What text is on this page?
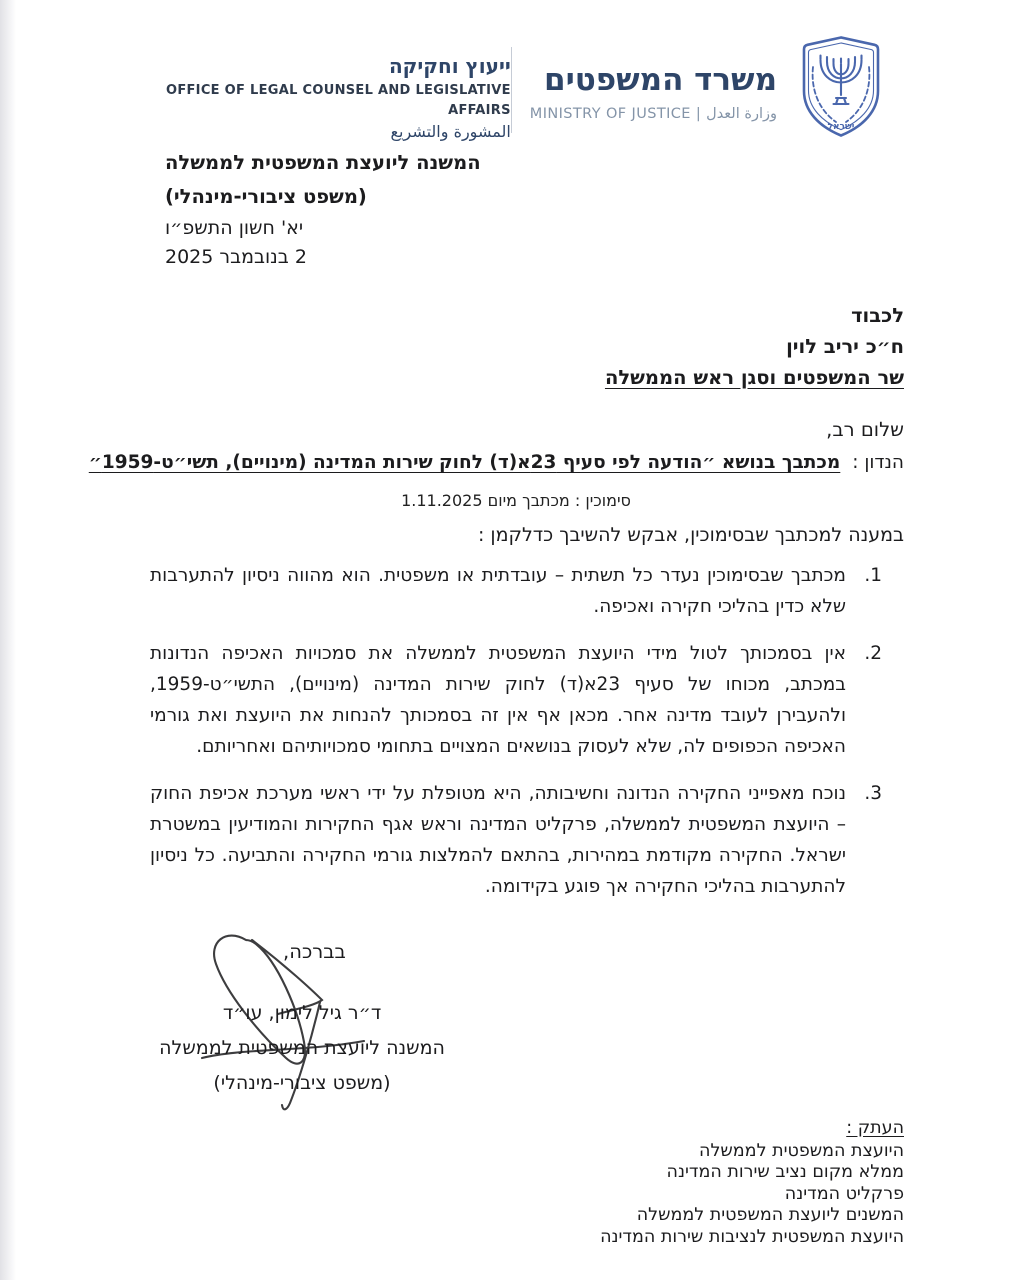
ייעוץ וחקיקה
OFFICE OF LEGAL COUNSEL AND LEGISLATIVE AFFAIRS
المشورة والتشريع
משרד המשפטים
MINISTRY OF JUSTICE | وزارة العدل
ישראל
המשנה ליועצת המשפטית לממשלה
(משפט ציבורי-מינהלי)
יא' חשון התשפ״ו
2 בנובמבר 2025
לכבוד
ח״כ יריב לוין
שר המשפטים וסגן ראש הממשלה
שלום רב,
הנדון : מכתבך בנושא ״הודעה לפי סעיף 23א(ד) לחוק שירות המדינה (מינויים), תשי״ט-1959״
סימוכין : מכתבך מיום 1.11.2025
במענה למכתבך שבסימוכין, אבקש להשיבך כדלקמן :
1.
מכתבך שבסימוכין נעדר כל תשתית – עובדתית או משפטית. הוא מהווה ניסיון להתערבות שלא כדין בהליכי חקירה ואכיפה.
2.
אין בסמכותך לטול מידי היועצת המשפטית לממשלה את סמכויות האכיפה הנדונות במכתב, מכוחו של סעיף 23א(ד) לחוק שירות המדינה (מינויים), התשי״ט-1959, ולהעבירן לעובד מדינה אחר. מכאן אף אין זה בסמכותך להנחות את היועצת ואת גורמי האכיפה הכפופים לה, שלא לעסוק בנושאים המצויים בתחומי סמכויותיהם ואחריותם.
3.
נוכח מאפייני החקירה הנדונה וחשיבותה, היא מטופלת על ידי ראשי מערכת אכיפת החוק – היועצת המשפטית לממשלה, פרקליט המדינה וראש אגף החקירות והמודיעין במשטרת ישראל. החקירה מקודמת במהירות, בהתאם להמלצות גורמי החקירה והתביעה. כל ניסיון להתערבות בהליכי החקירה אך פוגע בקידומה.
בברכה,
ד״ר גיל לימון, עו״ד
המשנה ליועצת המשפטית לממשלה
(משפט ציבורי-מינהלי)
העתק :
היועצת המשפטית לממשלה
ממלא מקום נציב שירות המדינה
פרקליט המדינה
המשנים ליועצת המשפטית לממשלה
היועצת המשפטית לנציבות שירות המדינה
